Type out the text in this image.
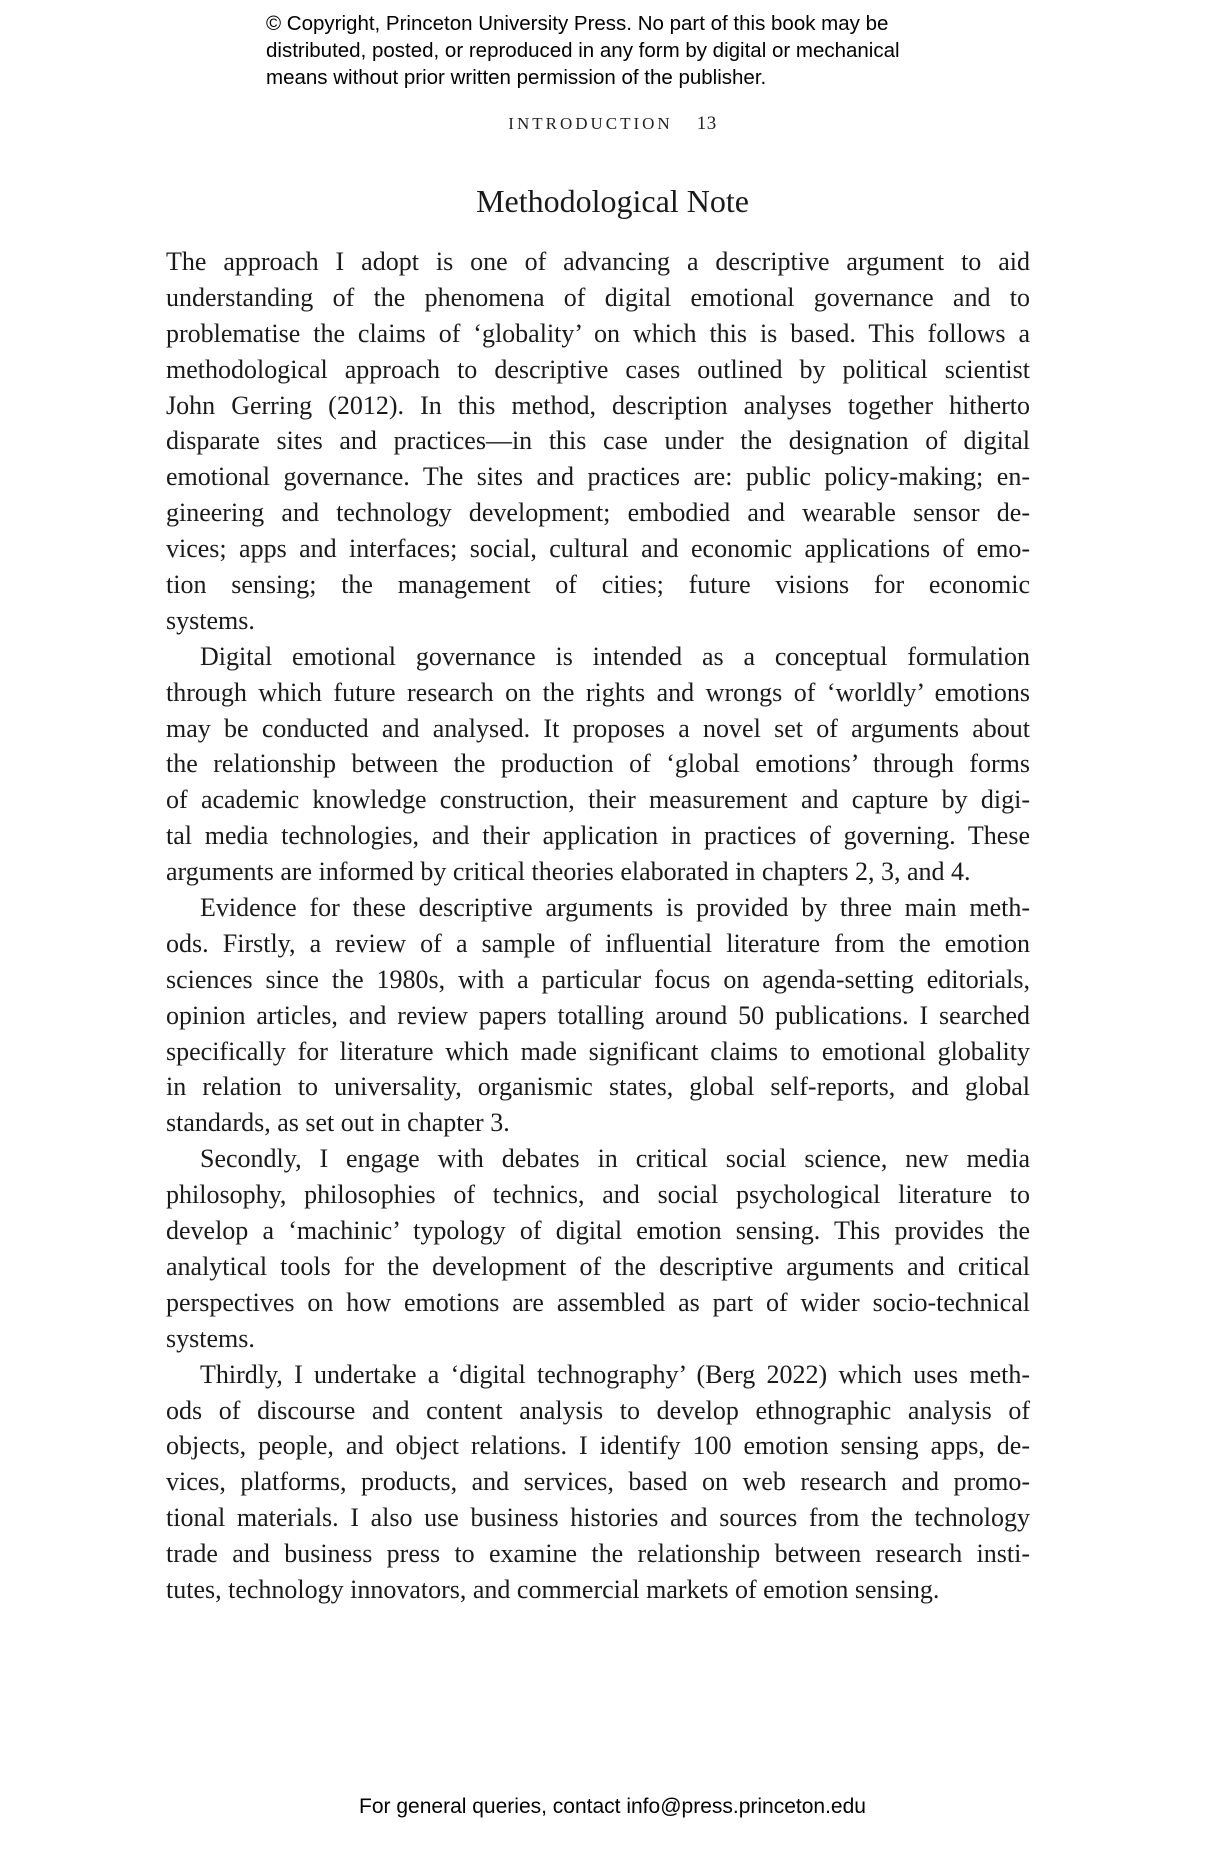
© Copyright, Princeton University Press. No part of this book may be
distributed, posted, or reproduced in any form by digital or mechanical
means without prior written permission of the publisher.
INTRODUCTION 13
Methodological Note
The approach I adopt is one of advancing a descriptive argument to aid
understanding of the phenomena of digital emotional governance and to
problematise the claims of ‘globality’ on which this is based. This follows a
methodological approach to descriptive cases outlined by political scientist
John Gerring (2012). In this method, description analyses together hitherto
disparate sites and practices—in this case under the designation of digital
emotional governance. The sites and practices are: public policy-making; en-
gineering and technology development; embodied and wearable sensor de-
vices; apps and interfaces; social, cultural and economic applications of emo-
tion sensing; the management of cities; future visions for economic
systems.
Digital emotional governance is intended as a conceptual formulation
through which future research on the rights and wrongs of ‘worldly’ emotions
may be conducted and analysed. It proposes a novel set of arguments about
the relationship between the production of ‘global emotions’ through forms
of academic knowledge construction, their measurement and capture by digi-
tal media technologies, and their application in practices of governing. These
arguments are informed by critical theories elaborated in chapters 2, 3, and 4.
Evidence for these descriptive arguments is provided by three main meth-
ods. Firstly, a review of a sample of influential literature from the emotion
sciences since the 1980s, with a particular focus on agenda-setting editorials,
opinion articles, and review papers totalling around 50 publications. I searched
specifically for literature which made significant claims to emotional globality
in relation to universality, organismic states, global self-reports, and global
standards, as set out in chapter 3.
Secondly, I engage with debates in critical social science, new media
philosophy, philosophies of technics, and social psychological literature to
develop a ‘machinic’ typology of digital emotion sensing. This provides the
analytical tools for the development of the descriptive arguments and critical
perspectives on how emotions are assembled as part of wider socio-technical
systems.
Thirdly, I undertake a ‘digital technography’ (Berg 2022) which uses meth-
ods of discourse and content analysis to develop ethnographic analysis of
objects, people, and object relations. I identify 100 emotion sensing apps, de-
vices, platforms, products, and services, based on web research and promo-
tional materials. I also use business histories and sources from the technology
trade and business press to examine the relationship between research insti-
tutes, technology innovators, and commercial markets of emotion sensing.
For general queries, contact info@press.princeton.edu
